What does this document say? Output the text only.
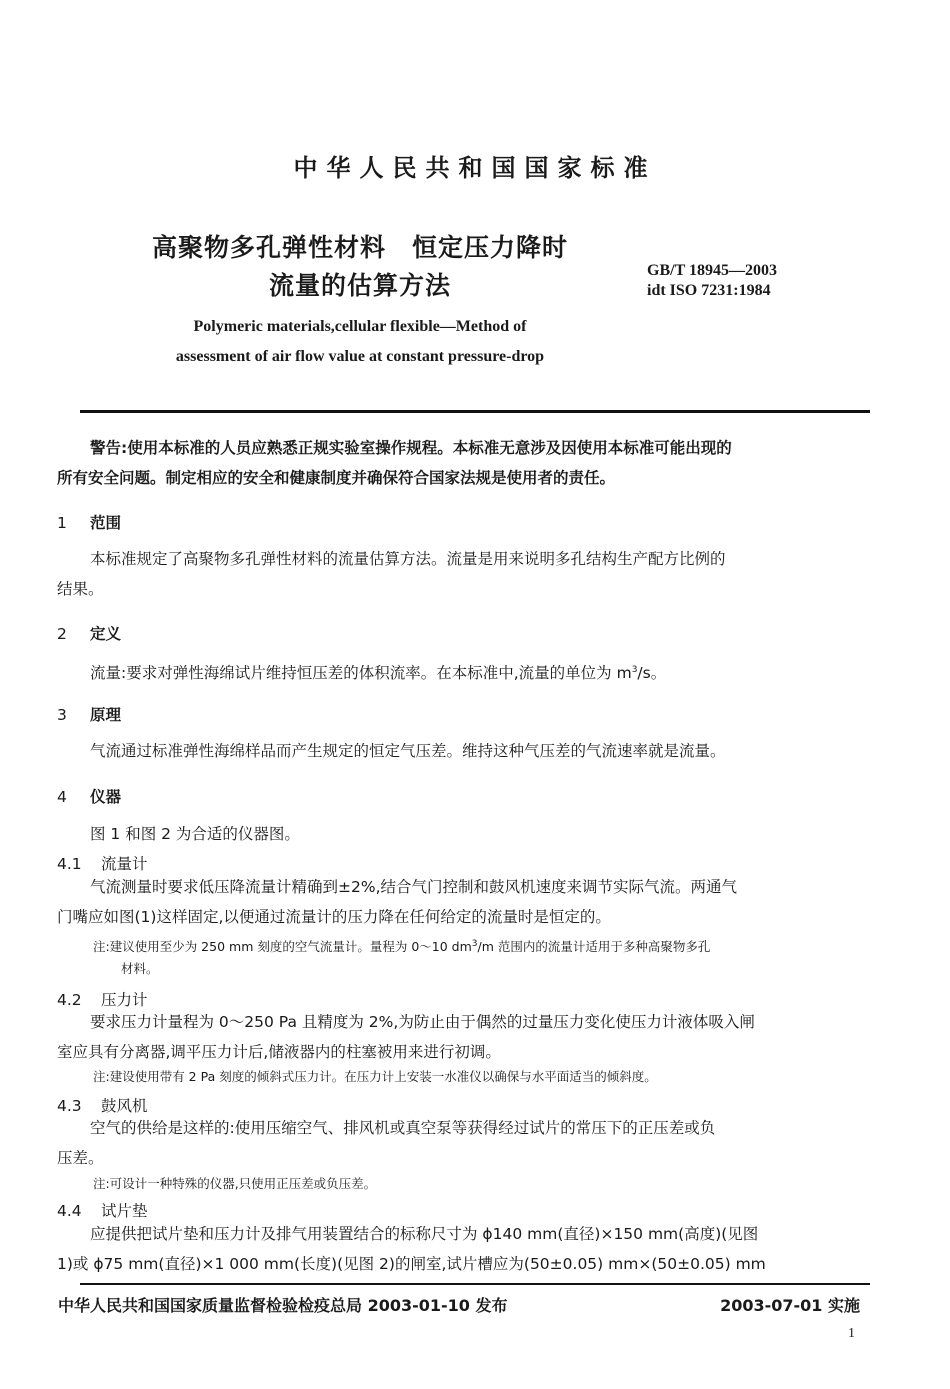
中华人民共和国国家标准
高聚物多孔弹性材料　恒定压力降时
流量的估算方法
GB/T 18945—2003
idt ISO 7231:1984
Polymeric materials,cellular flexible—Method of
assessment of air flow value at constant pressure-drop
警告:使用本标准的人员应熟悉正规实验室操作规程。本标准无意涉及因使用本标准可能出现的
所有安全问题。制定相应的安全和健康制度并确保符合国家法规是使用者的责任。
1 范围
本标准规定了高聚物多孔弹性材料的流量估算方法。流量是用来说明多孔结构生产配方比例的
结果。
2 定义
流量:要求对弹性海绵试片维持恒压差的体积流率。在本标准中,流量的单位为 $m^3/s$。
3 原理
气流通过标准弹性海绵样品而产生规定的恒定气压差。维持这种气压差的气流速率就是流量。
4 仪器
图 1 和图 2 为合适的仪器图。
4.1 流量计
气流测量时要求低压降流量计精确到±2%,结合气门控制和鼓风机速度来调节实际气流。两通气
门嘴应如图(1)这样固定,以便通过流量计的压力降在任何给定的流量时是恒定的。
注:建议使用至少为 250 mm 刻度的空气流量计。量程为 0～10 $dm^3/m$ 范围内的流量计适用于多种高聚物多孔
材料。
4.2 压力计
要求压力计量程为 0～250 Pa 且精度为 2%,为防止由于偶然的过量压力变化使压力计液体吸入闸
室应具有分离器,调平压力计后,储液器内的柱塞被用来进行初调。
注:建设使用带有 2 Pa 刻度的倾斜式压力计。在压力计上安装一水准仪以确保与水平面适当的倾斜度。
4.3 鼓风机
空气的供给是这样的:使用压缩空气、排风机或真空泵等获得经过试片的常压下的正压差或负
压差。
注:可设计一种特殊的仪器,只使用正压差或负压差。
4.4 试片垫
应提供把试片垫和压力计及排气用装置结合的标称尺寸为 ϕ140 mm(直径)×150 mm(高度)(见图
1)或 ϕ75 mm(直径)×1 000 mm(长度)(见图 2)的闸室,试片槽应为(50±0.05) mm×(50±0.05) mm
中华人民共和国国家质量监督检验检疫总局 2003-01-10 发布	2003-07-01 实施
1
